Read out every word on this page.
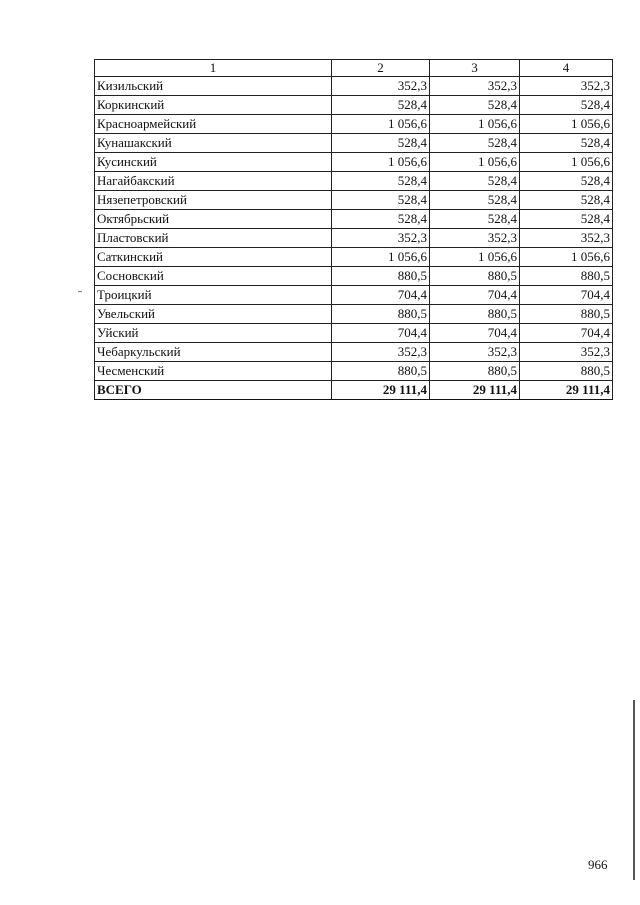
1	2	3	4
Кизильский	352,3	352,3	352,3
Коркинский	528,4	528,4	528,4
Красноармейский	1 056,6	1 056,6	1 056,6
Кунашакский	528,4	528,4	528,4
Кусинский	1 056,6	1 056,6	1 056,6
Нагайбакский	528,4	528,4	528,4
Нязепетровский	528,4	528,4	528,4
Октябрьский	528,4	528,4	528,4
Пластовский	352,3	352,3	352,3
Саткинский	1 056,6	1 056,6	1 056,6
Сосновский	880,5	880,5	880,5
Троицкий	704,4	704,4	704,4
Увельский	880,5	880,5	880,5
Уйский	704,4	704,4	704,4
Чебаркульский	352,3	352,3	352,3
Чесменский	880,5	880,5	880,5
ВСЕГО	29 111,4	29 111,4	29 111,4
966
